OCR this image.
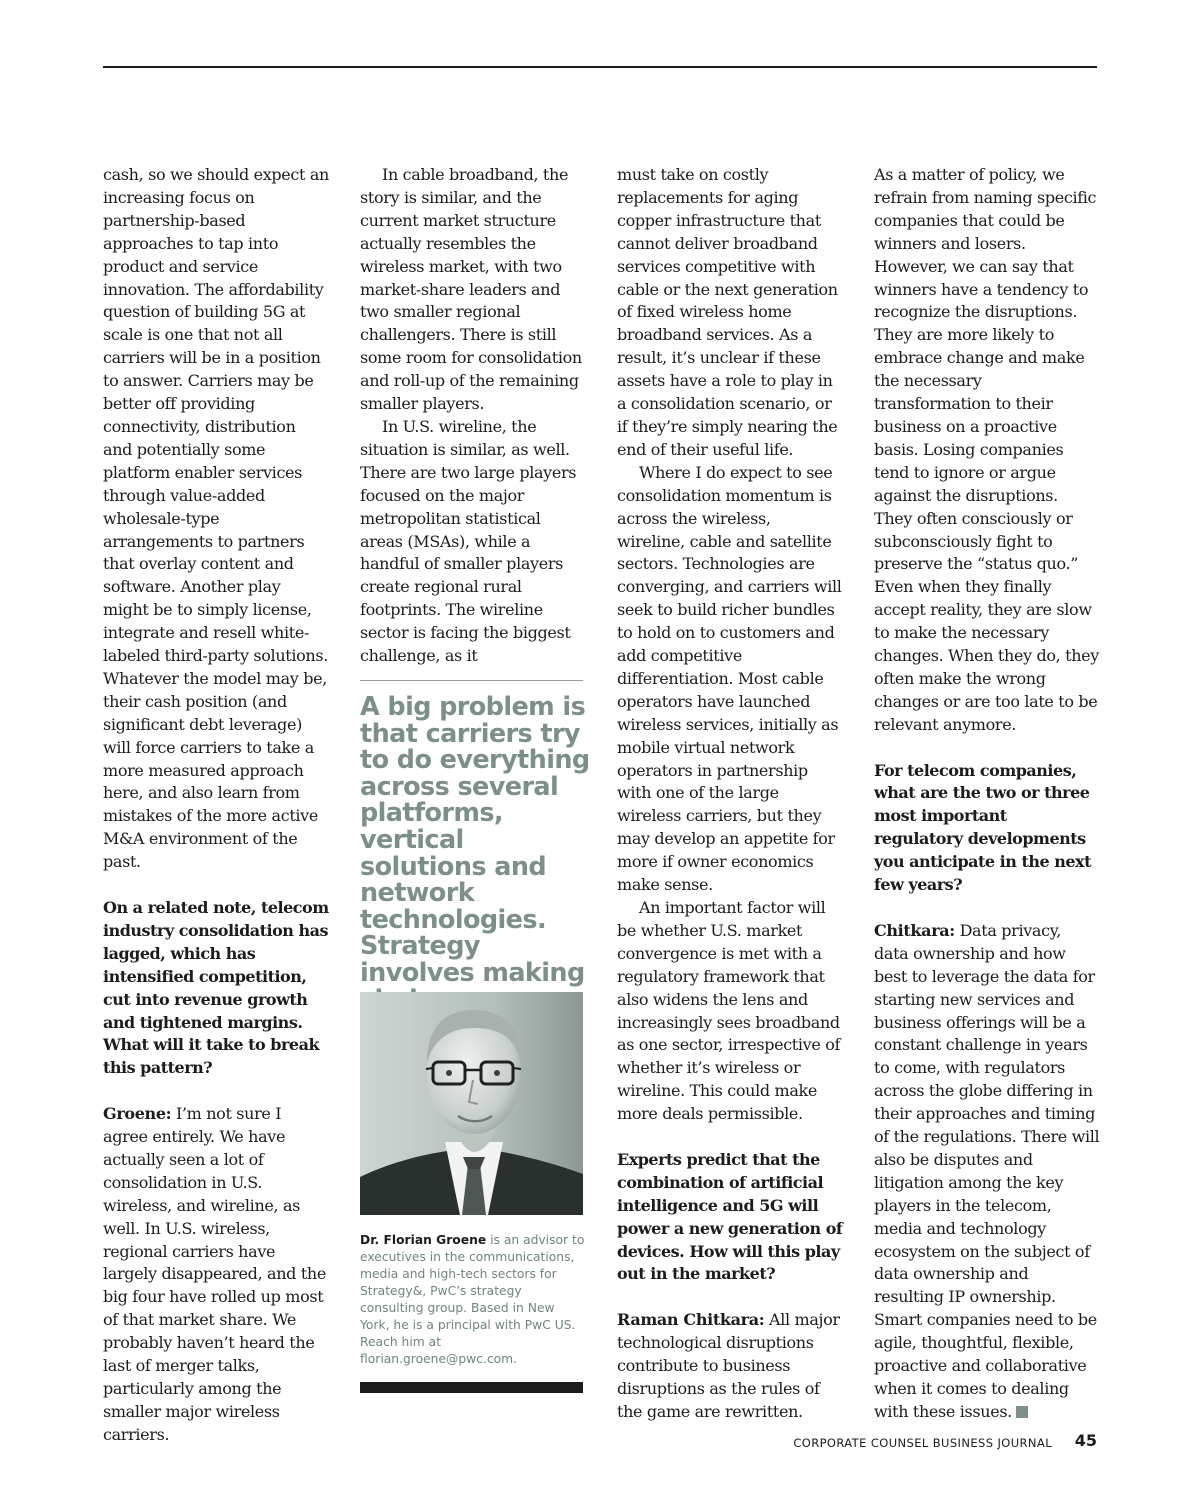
cash, so we should expect an increasing focus on partnership-based approaches to tap into product and service innovation. The affordability question of building 5G at scale is one that not all carriers will be in a position to answer. Carriers may be better off providing connectivity, distribution and potentially some platform enabler services through value-added wholesale-type arrangements to partners that overlay content and software. Another play might be to simply license, integrate and resell white-labeled third-party solutions. Whatever the model may be, their cash position (and significant debt leverage) will force carriers to take a more measured approach here, and also learn from mistakes of the more active M&A environment of the past.

On a related note, telecom industry consolidation has lagged, which has intensified competition, cut into revenue growth and tightened margins. What will it take to break this pattern?

Groene: I’m not sure I agree entirely. We have actually seen a lot of consolidation in U.S. wireless, and wireline, as well. In U.S. wireless, regional carriers have largely disappeared, and the big four have rolled up most of that market share. We probably haven’t heard the last of merger talks, particularly among the smaller major wireless carriers.

In cable broadband, the story is similar, and the current market structure actually resembles the wireless market, with two market-share leaders and two smaller regional challengers. There is still some room for consolidation and roll-up of the remaining smaller players.

In U.S. wireline, the situation is similar, as well. There are two large players focused on the major metropolitan statistical areas (MSAs), while a handful of smaller players create regional rural footprints. The wireline sector is facing the biggest challenge, as it

A big problem is that carriers try to do everything across several platforms, vertical solutions and network technologies. Strategy involves making

Dr. Florian Groene is an advisor to executives in the communications, media and high-tech sectors for Strategy&, PwC’s strategy consulting group. Based in New York, he is a principal with PwC US. Reach him at florian.groene@pwc.com.

must take on costly replacements for aging copper infrastructure that cannot deliver broadband services competitive with cable or the next generation of fixed wireless home broadband services. As a result, it’s unclear if these assets have a role to play in a consolidation scenario, or if they’re simply nearing the end of their useful life.

Where I do expect to see consolidation momentum is across the wireless, wireline, cable and satellite sectors. Technologies are converging, and carriers will seek to build richer bundles to hold on to customers and add competitive differentiation. Most cable operators have launched wireless services, initially as mobile virtual network operators in partnership with one of the large wireless carriers, but they may develop an appetite for more if owner economics make sense.

An important factor will be whether U.S. market convergence is met with a regulatory framework that also widens the lens and increasingly sees broadband as one sector, irrespective of whether it’s wireless or wireline. This could make more deals permissible.

Experts predict that the combination of artificial intelligence and 5G will power a new generation of devices. How will this play out in the market?

Raman Chitkara: All major technological disruptions contribute to business disruptions as the rules of the game are rewritten.

As a matter of policy, we refrain from naming specific companies that could be winners and losers. However, we can say that winners have a tendency to recognize the disruptions. They are more likely to embrace change and make the necessary transformation to their business on a proactive basis. Losing companies tend to ignore or argue against the disruptions. They often consciously or subconsciously fight to preserve the “status quo.” Even when they finally accept reality, they are slow to make the necessary changes. When they do, they often make the wrong changes or are too late to be relevant anymore.

For telecom companies, what are the two or three most important regulatory developments you anticipate in the next few years?

Chitkara: Data privacy, data ownership and how best to leverage the data for starting new services and business offerings will be a constant challenge in years to come, with regulators across the globe differing in their approaches and timing of the regulations. There will also be disputes and litigation among the key players in the telecom, media and technology ecosystem on the subject of data ownership and resulting IP ownership. Smart companies need to be agile, thoughtful, flexible, proactive and collaborative when it comes to dealing with these issues.

CORPORATE COUNSEL BUSINESS JOURNAL 45
